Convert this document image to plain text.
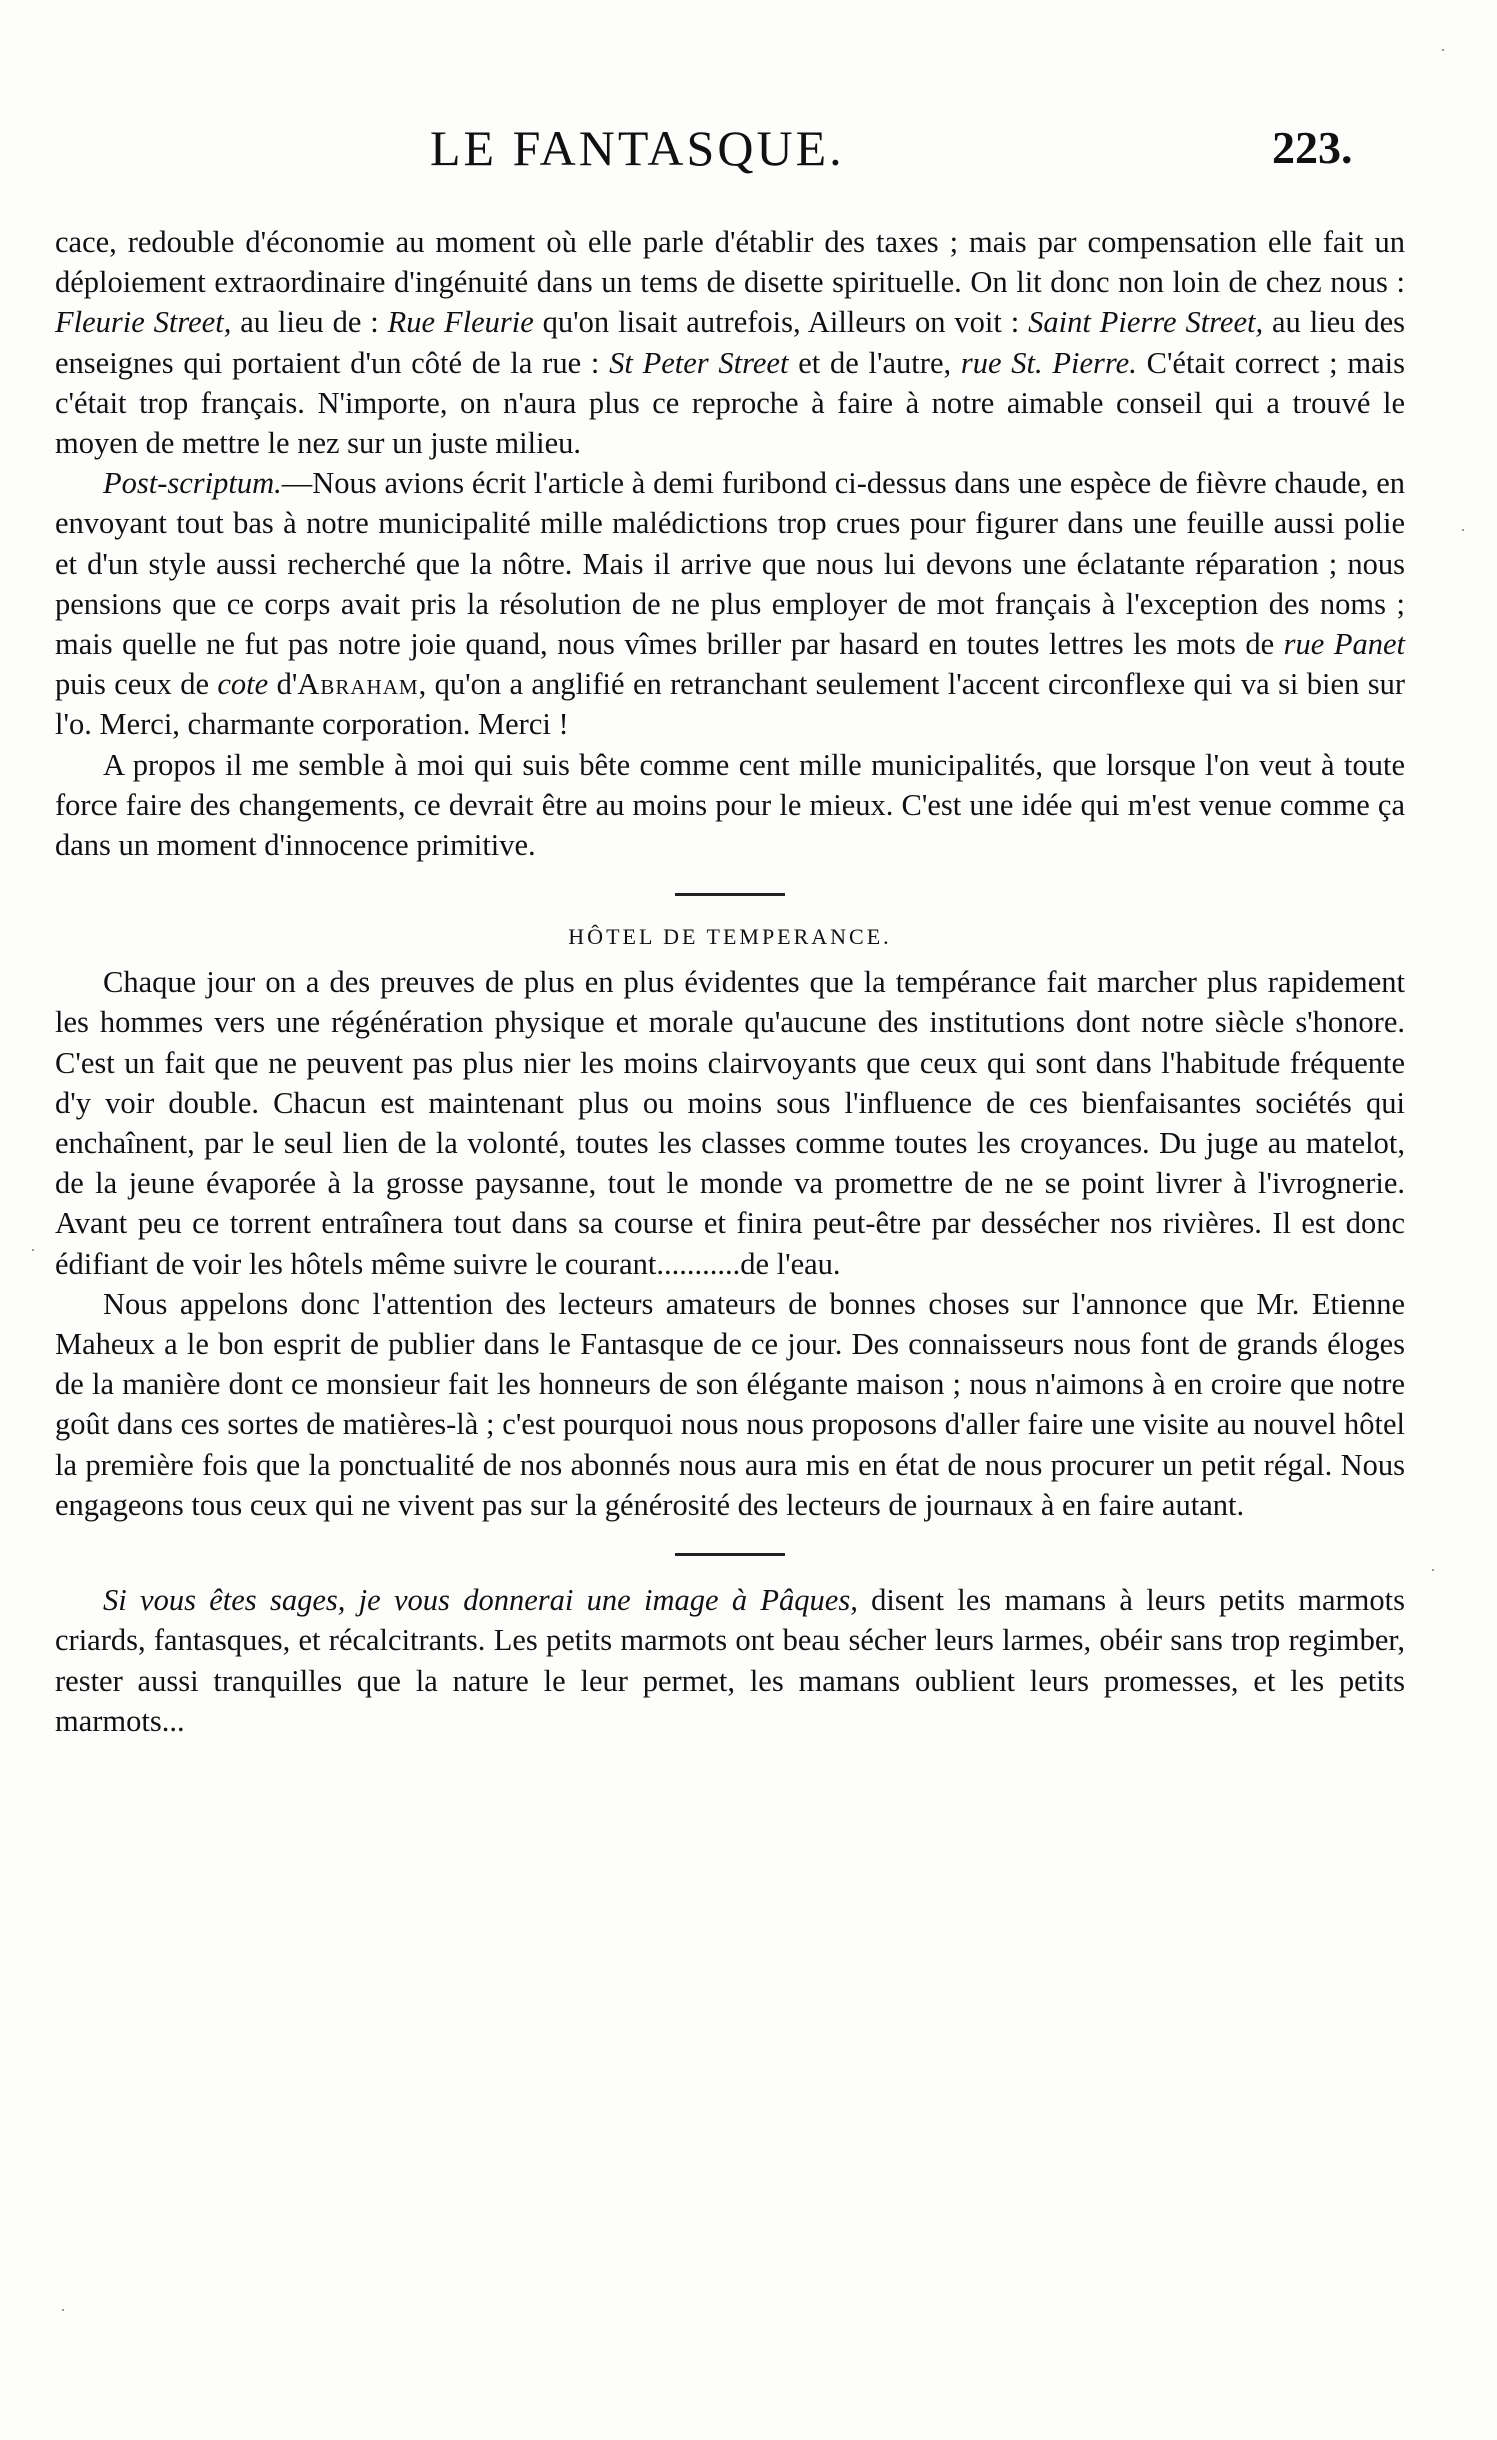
LE FANTASQUE.	223.

cace, redouble d'économie au moment où elle parle d'établir des taxes ; mais par compensation elle fait un déploiement extraordinaire d'ingénuité dans un tems de disette spirituelle. On lit donc non loin de chez nous : Fleurie Street, au lieu de : Rue Fleurie qu'on lisait autrefois, Ailleurs on voit : Saint Pierre Street, au lieu des enseignes qui portaient d'un côté de la rue : St Peter Street et de l'autre, rue St. Pierre. C'était correct ; mais c'était trop français. N'importe, on n'aura plus ce reproche à faire à notre aimable conseil qui a trouvé le moyen de mettre le nez sur un juste milieu.

Post-scriptum.—Nous avions écrit l'article à demi furibond ci-dessus dans une espèce de fièvre chaude, en envoyant tout bas à notre municipalité mille malédictions trop crues pour figurer dans une feuille aussi polie et d'un style aussi recherché que la nôtre. Mais il arrive que nous lui devons une éclatante réparation ; nous pensions que ce corps avait pris la résolution de ne plus employer de mot français à l'exception des noms ; mais quelle ne fut pas notre joie quand, nous vîmes briller par hasard en toutes lettres les mots de rue Panet puis ceux de cote d'Abraham, qu'on a anglifié en retranchant seulement l'accent circonflexe qui va si bien sur l'o. Merci, charmante corporation. Merci !

A propos il me semble à moi qui suis bête comme cent mille municipalités, que lorsque l'on veut à toute force faire des changements, ce devrait être au moins pour le mieux. C'est une idée qui m'est venue comme ça dans un moment d'innocence primitive.

HÔTEL DE TEMPERANCE.

Chaque jour on a des preuves de plus en plus évidentes que la tempérance fait marcher plus rapidement les hommes vers une régénération physique et morale qu'aucune des institutions dont notre siècle s'honore. C'est un fait que ne peuvent pas plus nier les moins clairvoyants que ceux qui sont dans l'habitude fréquente d'y voir double. Chacun est maintenant plus ou moins sous l'influence de ces bienfaisantes sociétés qui enchaînent, par le seul lien de la volonté, toutes les classes comme toutes les croyances. Du juge au matelot, de la jeune évaporée à la grosse paysanne, tout le monde va promettre de ne se point livrer à l'ivrognerie. Avant peu ce torrent entraînera tout dans sa course et finira peut-être par dessécher nos rivières. Il est donc édifiant de voir les hôtels même suivre le courant...........de l'eau.

Nous appelons donc l'attention des lecteurs amateurs de bonnes choses sur l'annonce que Mr. Etienne Maheux a le bon esprit de publier dans le Fantasque de ce jour. Des connaisseurs nous font de grands éloges de la manière dont ce monsieur fait les honneurs de son élégante maison ; nous n'aimons à en croire que notre goût dans ces sortes de matières-là ; c'est pourquoi nous nous proposons d'aller faire une visite au nouvel hôtel la première fois que la ponctualité de nos abonnés nous aura mis en état de nous procurer un petit régal. Nous engageons tous ceux qui ne vivent pas sur la générosité des lecteurs de journaux à en faire autant.

Si vous êtes sages, je vous donnerai une image à Pâques, disent les mamans à leurs petits marmots criards, fantasques, et récalcitrants. Les petits marmots ont beau sécher leurs larmes, obéir sans trop regimber, rester aussi tranquilles que la nature le leur permet, les mamans oublient leurs promesses, et les petits marmots...

·
·
·
·
·
